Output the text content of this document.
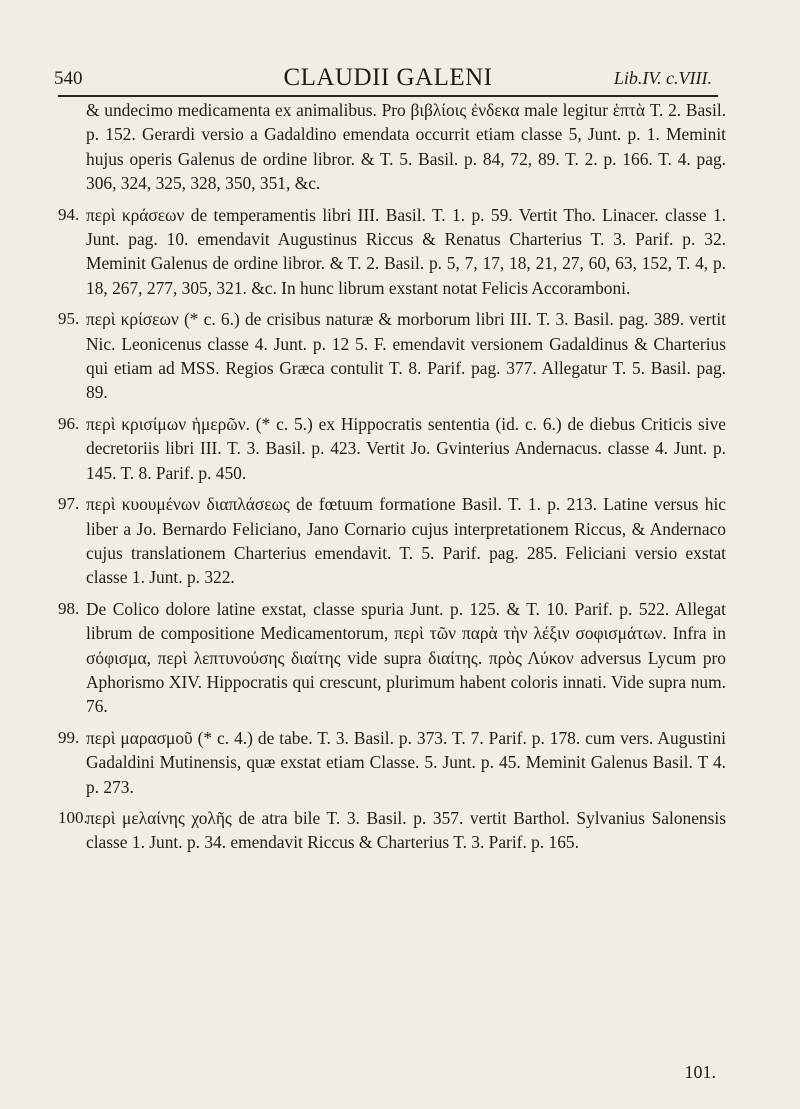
540	CLAUDII GALENI	Lib.IV. c.VIII.
& undecimo medicamenta ex animalibus. Pro βιβλίοις ἐνδεκα male legitur ἑπτὰ T. 2. Basil. p. 152. Gerardi versio a Gadaldino emendata occurrit etiam classe 5, Junt. p. 1. Meminit hujus operis Galenus de ordine libror. & T. 5. Basil. p. 84, 72, 89. T. 2. p. 166. T. 4. pag. 306, 324, 325, 328, 350, 351, &c.
94. περὶ κράσεων de temperamentis libri III. Basil. T. 1. p. 59. Vertit Tho. Linacer. classe 1. Junt. pag. 10. emendavit Augustinus Riccus & Renatus Charterius T. 3. Parif. p. 32. Meminit Galenus de ordine libror. & T. 2. Basil. p. 5, 7, 17, 18, 21, 27, 60, 63, 152, T. 4, p. 18, 267, 277, 305, 321. &c. In hunc librum exstant notat Felicis Accoramboni.
95. περὶ κρίσεων (* c. 6.) de crisibus naturæ & morborum libri III. T. 3. Basil. pag. 389. vertit Nic. Leonicenus classe 4. Junt. p. 12 5. F. emendavit versionem Gadaldinus & Charterius qui etiam ad MSS. Regios Græca contulit T. 8. Parif. pag. 377. Allegatur T. 5. Basil. pag. 89.
96. περὶ κρισίμων ἡμερῶν. (* c. 5.) ex Hippocratis sententia (id. c. 6.) de diebus Criticis sive decretoriis libri III. T. 3. Basil. p. 423. Vertit Jo. Gvinterius Andernacus. classe 4. Junt. p. 145. T. 8. Parif. p. 450.
97. περὶ κυουμένων διαπλάσεως de fœtuum formatione Basil. T. 1. p. 213. Latine versus hic liber a Jo. Bernardo Feliciano, Jano Cornario cujus interpretationem Riccus, & Andernaco cujus translationem Charterius emendavit. T. 5. Parif. pag. 285. Feliciani versio exstat classe 1. Junt. p. 322.
98. De Colico dolore latine exstat, classe spuria Junt. p. 125. & T. 10. Parif. p. 522. Allegat librum de compositione Medicamentorum, περὶ τῶν παρὰ τὴν λέξιν σοφισμάτων. Infra in σόφισμα, περὶ λεπτυνούσης διαίτης vide supra διαίτης. πρὸς Λύκον adversus Lycum pro Aphorismo XIV. Hippocratis qui crescunt, plurimum habent coloris innati. Vide supra num. 76.
99. περὶ μαρασμοῦ (* c. 4.) de tabe. T. 3. Basil. p. 373. T. 7. Parif. p. 178. cum vers. Augustini Gadaldini Mutinensis, quæ exstat etiam Classe. 5. Junt. p. 45. Meminit Galenus Basil. T 4. p. 273.
100.
περὶ μελαίνης χολῆς de atra bile T. 3. Basil. p. 357. vertit Barthol. Sylvanius Salonensis classe 1. Junt. p. 34. emendavit Riccus & Charterius T. 3. Parif. p. 165.
101.
